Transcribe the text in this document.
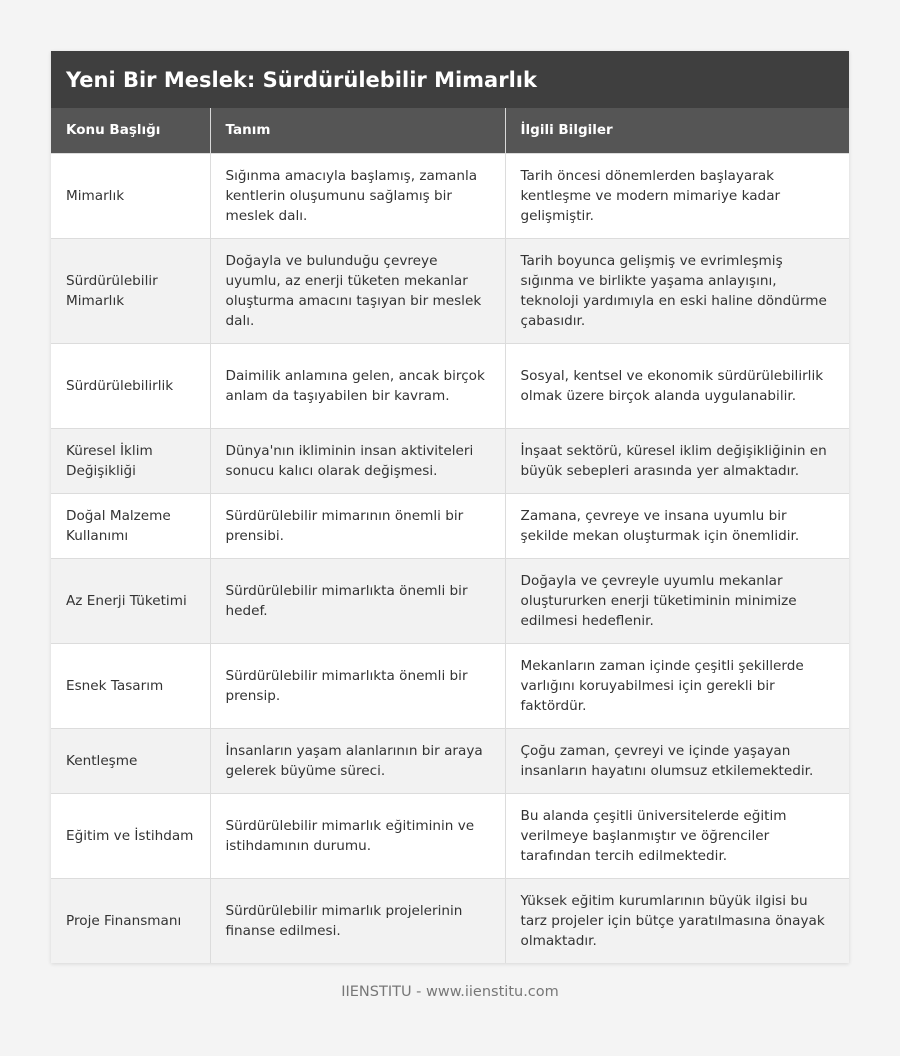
Yeni Bir Meslek: Sürdürülebilir Mimarlık
Konu Başlığı	Tanım	İlgili Bilgiler
Mimarlık	Sığınma amacıyla başlamış, zamanla kentlerin oluşumunu sağlamış bir meslek dalı.	Tarih öncesi dönemlerden başlayarak kentleşme ve modern mimariye kadar gelişmiştir.
Sürdürülebilir Mimarlık	Doğayla ve bulunduğu çevreye uyumlu, az enerji tüketen mekanlar oluşturma amacını taşıyan bir meslek dalı.	Tarih boyunca gelişmiş ve evrimleşmiş sığınma ve birlikte yaşama anlayışını, teknoloji yardımıyla en eski haline döndürme çabasıdır.
Sürdürülebilirlik	Daimilik anlamına gelen, ancak birçok anlam da taşıyabilen bir kavram.	Sosyal, kentsel ve ekonomik sürdürülebilirlik olmak üzere birçok alanda uygulanabilir.
Küresel İklim Değişikliği	Dünya'nın ikliminin insan aktiviteleri sonucu kalıcı olarak değişmesi.	İnşaat sektörü, küresel iklim değişikliğinin en büyük sebepleri arasında yer almaktadır.
Doğal Malzeme Kullanımı	Sürdürülebilir mimarının önemli bir prensibi.	Zamana, çevreye ve insana uyumlu bir şekilde mekan oluşturmak için önemlidir.
Az Enerji Tüketimi	Sürdürülebilir mimarlıkta önemli bir hedef.	Doğayla ve çevreyle uyumlu mekanlar oluştururken enerji tüketiminin minimize edilmesi hedeflenir.
Esnek Tasarım	Sürdürülebilir mimarlıkta önemli bir prensip.	Mekanların zaman içinde çeşitli şekillerde varlığını koruyabilmesi için gerekli bir faktördür.
Kentleşme	İnsanların yaşam alanlarının bir araya gelerek büyüme süreci.	Çoğu zaman, çevreyi ve içinde yaşayan insanların hayatını olumsuz etkilemektedir.
Eğitim ve İstihdam	Sürdürülebilir mimarlık eğitiminin ve istihdamının durumu.	Bu alanda çeşitli üniversitelerde eğitim verilmeye başlanmıştır ve öğrenciler tarafından tercih edilmektedir.
Proje Finansmanı	Sürdürülebilir mimarlık projelerinin finanse edilmesi.	Yüksek eğitim kurumlarının büyük ilgisi bu tarz projeler için bütçe yaratılmasına önayak olmaktadır.
IIENSTITU - www.iienstitu.com
